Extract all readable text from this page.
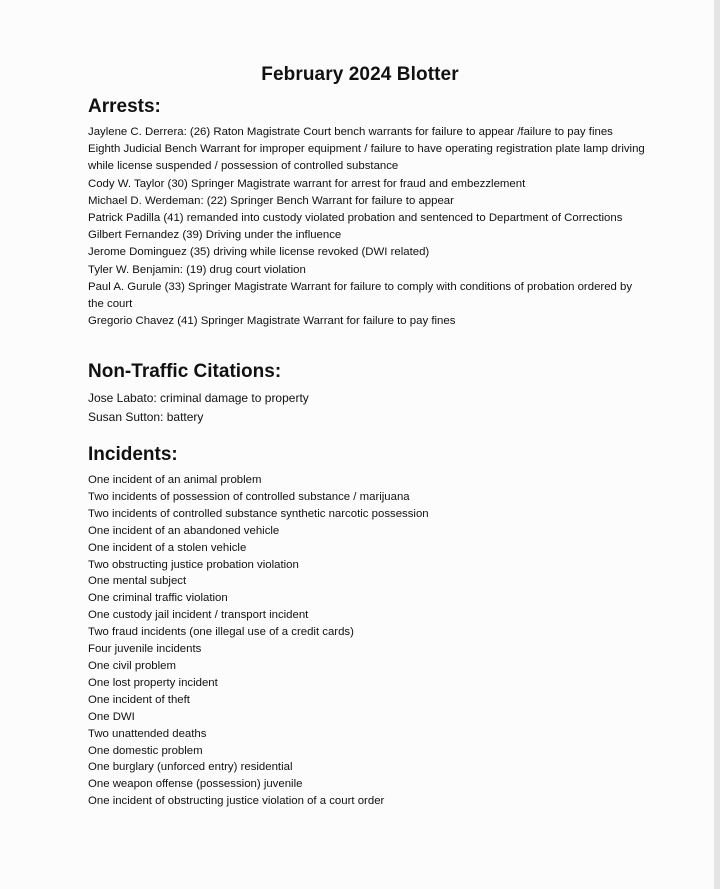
February 2024 Blotter
Arrests:
Jaylene C. Derrera: (26) Raton Magistrate Court bench warrants for failure to appear /failure to pay fines
Eighth Judicial Bench Warrant for improper equipment / failure to have operating registration plate lamp driving while license suspended / possession of controlled substance
Cody W. Taylor (30) Springer Magistrate warrant for arrest for fraud and embezzlement
Michael D. Werdeman: (22) Springer Bench Warrant for failure to appear
Patrick Padilla (41) remanded into custody violated probation and sentenced to Department of Corrections
Gilbert Fernandez (39) Driving under the influence
Jerome Dominguez (35) driving while license revoked (DWI related)
Tyler W. Benjamin: (19) drug court violation
Paul A. Gurule (33) Springer Magistrate Warrant for failure to comply with conditions of probation ordered by the court
Gregorio Chavez (41) Springer Magistrate Warrant for failure to pay fines
Non-Traffic Citations:
Jose Labato: criminal damage to property
Susan Sutton: battery
Incidents:
One incident of an animal problem
Two incidents of possession of controlled substance / marijuana
Two incidents of controlled substance synthetic narcotic possession
One incident of an abandoned vehicle
One incident of a stolen vehicle
Two obstructing justice probation violation
One mental subject
One criminal traffic violation
One custody jail incident / transport incident
Two fraud incidents (one illegal use of a credit cards)
Four juvenile incidents
One civil problem
One lost property incident
One incident of theft
One DWI
Two unattended deaths
One domestic problem
One burglary (unforced entry) residential
One weapon offense (possession) juvenile
One incident of obstructing justice violation of a court order
